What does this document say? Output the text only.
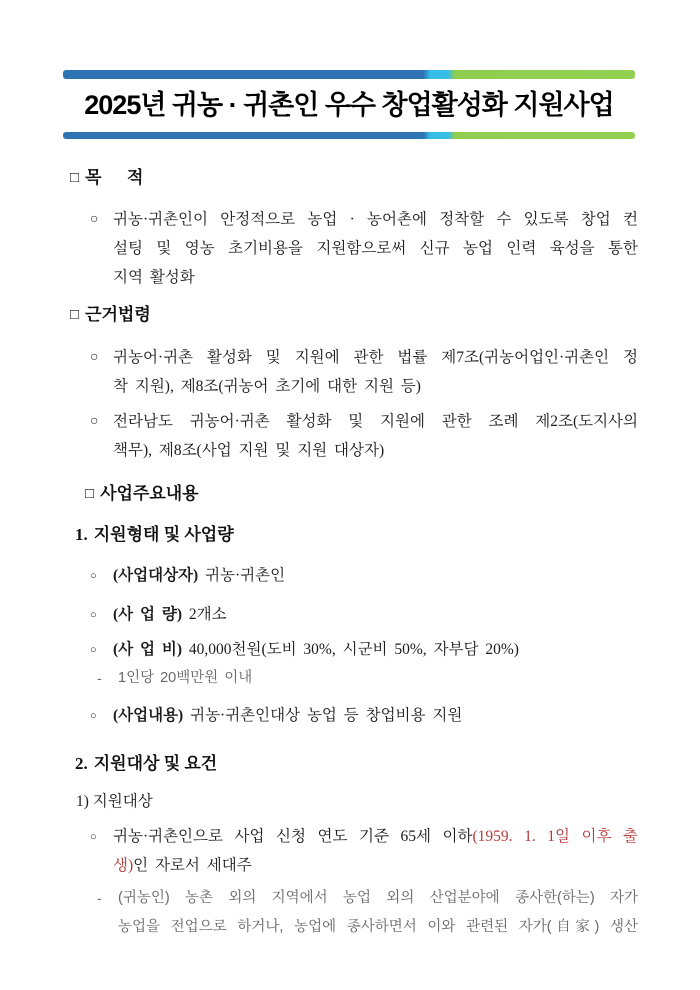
2025년 귀농 · 귀촌인 우수 창업활성화 지원사업
□ 목      적
○ 귀농·귀촌인이 안정적으로 농업 · 농어촌에 정착할 수 있도록 창업 컨
설팅 및 영농 초기비용을 지원함으로써 신규 농업 인력 육성을 통한
지역 활성화
□ 근거법령
○ 귀농어·귀촌 활성화 및 지원에 관한 법률 제7조(귀농어업인·귀촌인 정
착 지원), 제8조(귀농어 초기에 대한 지원 등)
○ 전라남도 귀농어·귀촌 활성화 및 지원에 관한 조례 제2조(도지사의
책무), 제8조(사업 지원 및 지원 대상자)
□ 사업주요내용
1. 지원형태 및 사업량
○ (사업대상자) 귀농·귀촌인
○ (사 업 량) 2개소
○ (사 업 비) 40,000천원(도비 30%, 시군비 50%, 자부담 20%)
- 1인당 20백만원 이내
○ (사업내용) 귀농·귀촌인대상 농업 등 창업비용 지원
2. 지원대상 및 요건
1) 지원대상
○ 귀농·귀촌인으로 사업 신청 연도 기준 65세 이하(1959. 1. 1일 이후 출
생)인 자로서 세대주
- (귀농인) 농촌 외의 지역에서 농업 외의 산업분야에 종사한(하는) 자가
농업을 전업으로 하거나, 농업에 종사하면서 이와 관련된 자가(自家) 생산
